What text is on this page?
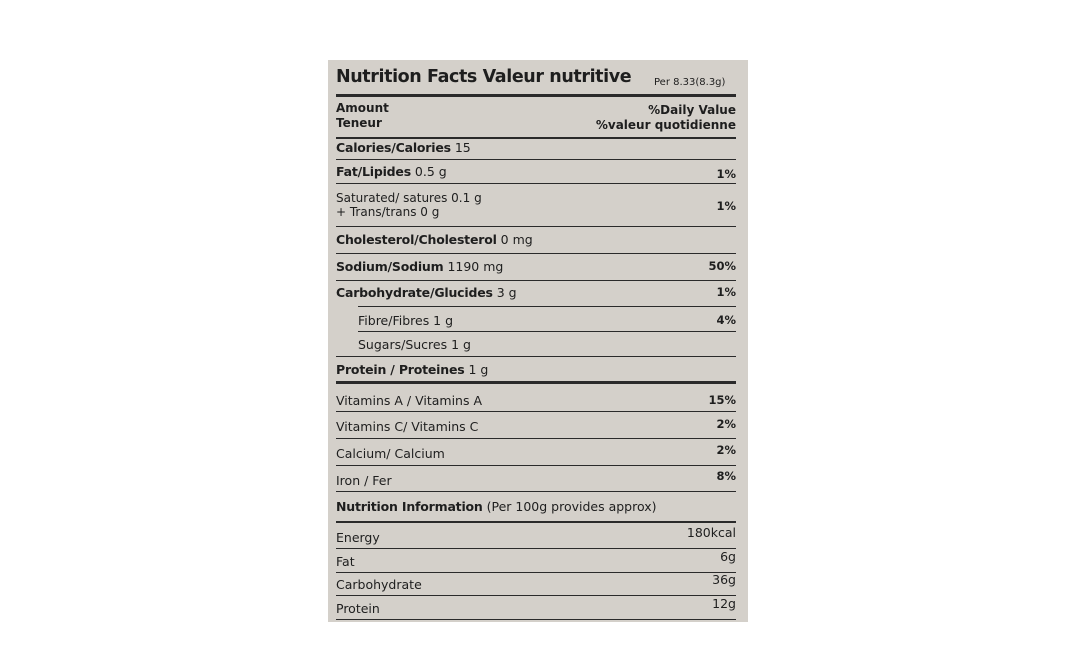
Nutrition Facts Valeur nutritive Per 8.33(8.3g)
Amount
Teneur
%Daily Value
%valeur quotidienne
Calories/Calories 15
Fat/Lipides 0.5 g	1%
Saturated/ satures 0.1 g
+ Trans/trans 0 g	1%
Cholesterol/Cholesterol 0 mg
Sodium/Sodium 1190 mg	50%
Carbohydrate/Glucides 3 g	1%
Fibre/Fibres 1 g	4%
Sugars/Sucres 1 g
Protein / Proteines 1 g
Vitamins A / Vitamins A	15%
Vitamins C/ Vitamins C	2%
Calcium/ Calcium	2%
Iron / Fer	8%
Nutrition Information (Per 100g provides approx)
Energy	180kcal
Fat	6g
Carbohydrate	36g
Protein	12g
